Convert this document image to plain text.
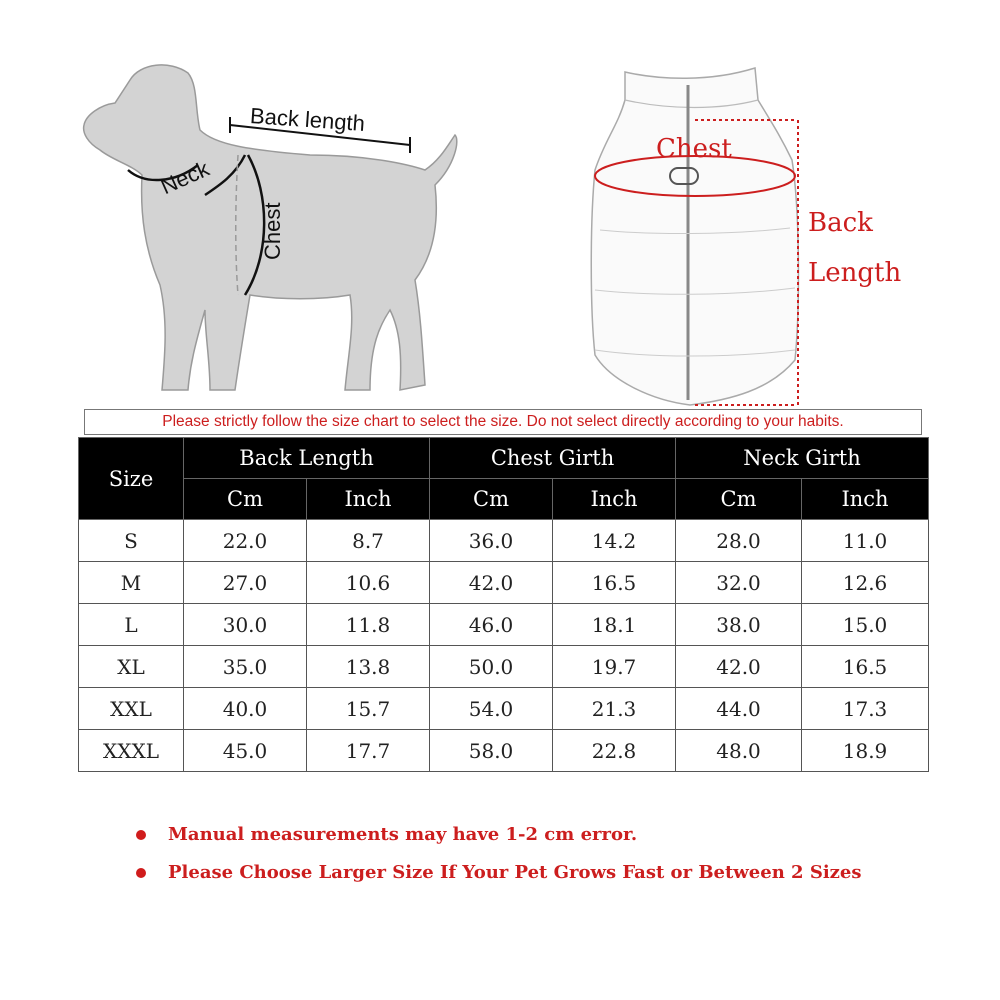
Back length
Neck
Chest
Chest
Back
Length
Please strictly follow the size chart to select the size. Do not select directly according to your habits.
Size	Back Length		Chest Girth		Neck Girth	
	Cm	Inch	Cm	Inch	Cm	Inch
S	22.0	8.7	36.0	14.2	28.0	11.0
M	27.0	10.6	42.0	16.5	32.0	12.6
L	30.0	11.8	46.0	18.1	38.0	15.0
XL	35.0	13.8	50.0	19.7	42.0	16.5
XXL	40.0	15.7	54.0	21.3	44.0	17.3
XXXL	45.0	17.7	58.0	22.8	48.0	18.9
Manual measurements may have 1-2 cm error.
Please Choose Larger Size If Your Pet Grows Fast or Between 2 Sizes
